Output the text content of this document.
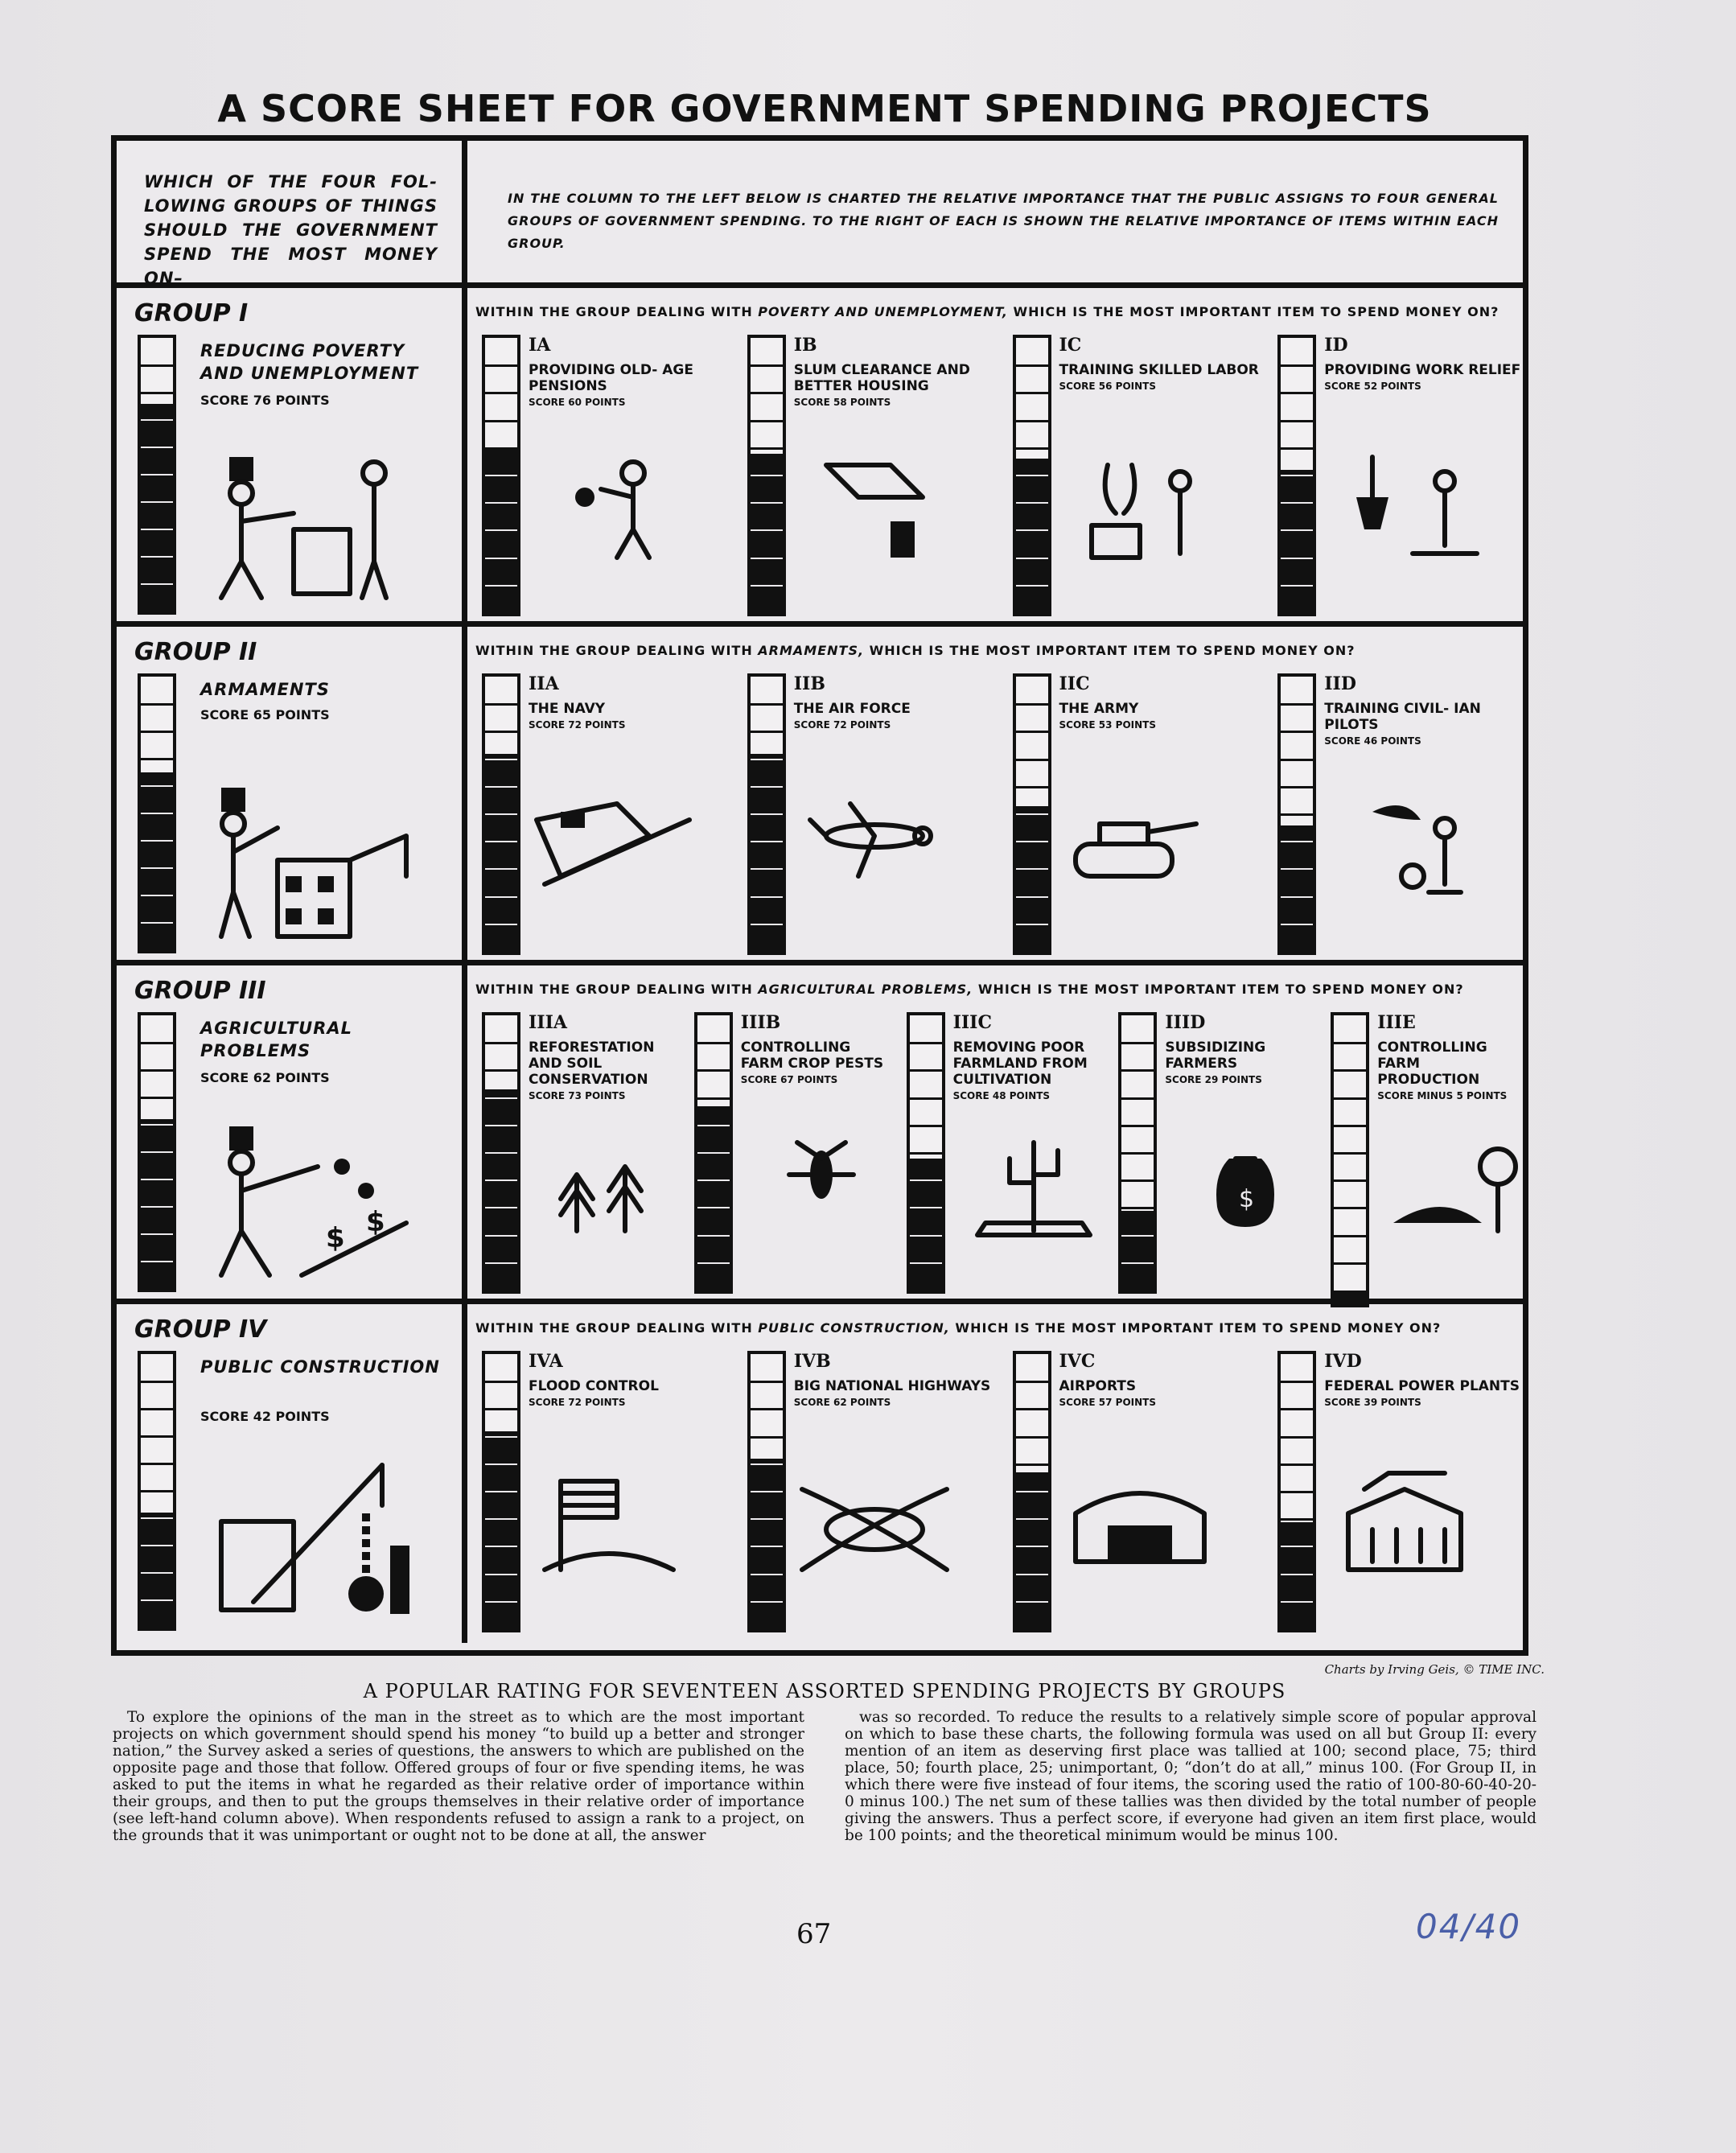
A SCORE SHEET FOR GOVERNMENT SPENDING PROJECTS
WHICH OF THE FOUR FOL- LOWING GROUPS OF THINGS SHOULD THE GOVERNMENT SPEND THE MOST MONEY ON–
IN THE COLUMN TO THE LEFT BELOW IS CHARTED THE RELATIVE IMPORTANCE THAT THE PUBLIC ASSIGNS TO FOUR GENERAL GROUPS OF GOVERNMENT SPENDING. TO THE RIGHT OF EACH IS SHOWN THE RELATIVE IMPORTANCE OF ITEMS WITHIN EACH GROUP.
GROUP I
REDUCING POVERTY AND UNEMPLOYMENT
SCORE 76 POINTS
WITHIN THE GROUP DEALING WITH POVERTY AND UNEMPLOYMENT, WHICH IS THE MOST IMPORTANT ITEM TO SPEND MONEY ON?
IA
PROVIDING OLD- AGE PENSIONS
SCORE 60 POINTS
IB
SLUM CLEARANCE AND BETTER HOUSING
SCORE 58 POINTS
IC
TRAINING SKILLED LABOR
SCORE 56 POINTS
ID
PROVIDING WORK RELIEF
SCORE 52 POINTS
GROUP II
ARMAMENTS
SCORE 65 POINTS
WITHIN THE GROUP DEALING WITH ARMAMENTS, WHICH IS THE MOST IMPORTANT ITEM TO SPEND MONEY ON?
IIA
THE NAVY
SCORE 72 POINTS
IIB
THE AIR FORCE
SCORE 72 POINTS
IIC
THE ARMY
SCORE 53 POINTS
IID
TRAINING CIVIL- IAN PILOTS
SCORE 46 POINTS
GROUP III
AGRICULTURAL PROBLEMS
SCORE 62 POINTS
$ $
WITHIN THE GROUP DEALING WITH AGRICULTURAL PROBLEMS, WHICH IS THE MOST IMPORTANT ITEM TO SPEND MONEY ON?
IIIA
REFORESTATION AND SOIL CONSERVATION
SCORE 73 POINTS
IIIB
CONTROLLING FARM CROP PESTS
SCORE 67 POINTS
IIIC
REMOVING POOR FARMLAND FROM CULTIVATION
SCORE 48 POINTS
IIID
SUBSIDIZING FARMERS
SCORE 29 POINTS
$
IIIE
CONTROLLING FARM PRODUCTION
SCORE MINUS 5 POINTS
GROUP IV
PUBLIC CONSTRUCTION
SCORE 42 POINTS
WITHIN THE GROUP DEALING WITH PUBLIC CONSTRUCTION, WHICH IS THE MOST IMPORTANT ITEM TO SPEND MONEY ON?
IVA
FLOOD CONTROL
SCORE 72 POINTS
IVB
BIG NATIONAL HIGHWAYS
SCORE 62 POINTS
IVC
AIRPORTS
SCORE 57 POINTS
IVD
FEDERAL POWER PLANTS
SCORE 39 POINTS
Charts by Irving Geis, © TIME INC.
A POPULAR RATING FOR SEVENTEEN ASSORTED SPENDING PROJECTS BY GROUPS
To explore the opinions of the man in the street as to which are the most important projects on which government should spend his money “to build up a better and stronger nation,” the Survey asked a series of questions, the answers to which are published on the opposite page and those that follow. Offered groups of four or five spending items, he was asked to put the items in what he regarded as their relative order of importance within their groups, and then to put the groups themselves in their relative order of importance (see left-hand column above). When respondents refused to assign a rank to a project, on the grounds that it was unimportant or ought not to be done at all, the answer
was so recorded. To reduce the results to a relatively simple score of popular approval on which to base these charts, the following formula was used on all but Group II: every mention of an item as deserving first place was tallied at 100; second place, 75; third place, 50; fourth place, 25; unimportant, 0; “don’t do at all,” minus 100. (For Group II, in which there were five instead of four items, the scoring used the ratio of 100-80-60-40-20-0 minus 100.) The net sum of these tallies was then divided by the total number of people giving the answers. Thus a perfect score, if everyone had given an item first place, would be 100 points; and the theoretical minimum would be minus 100.
67	04/40
